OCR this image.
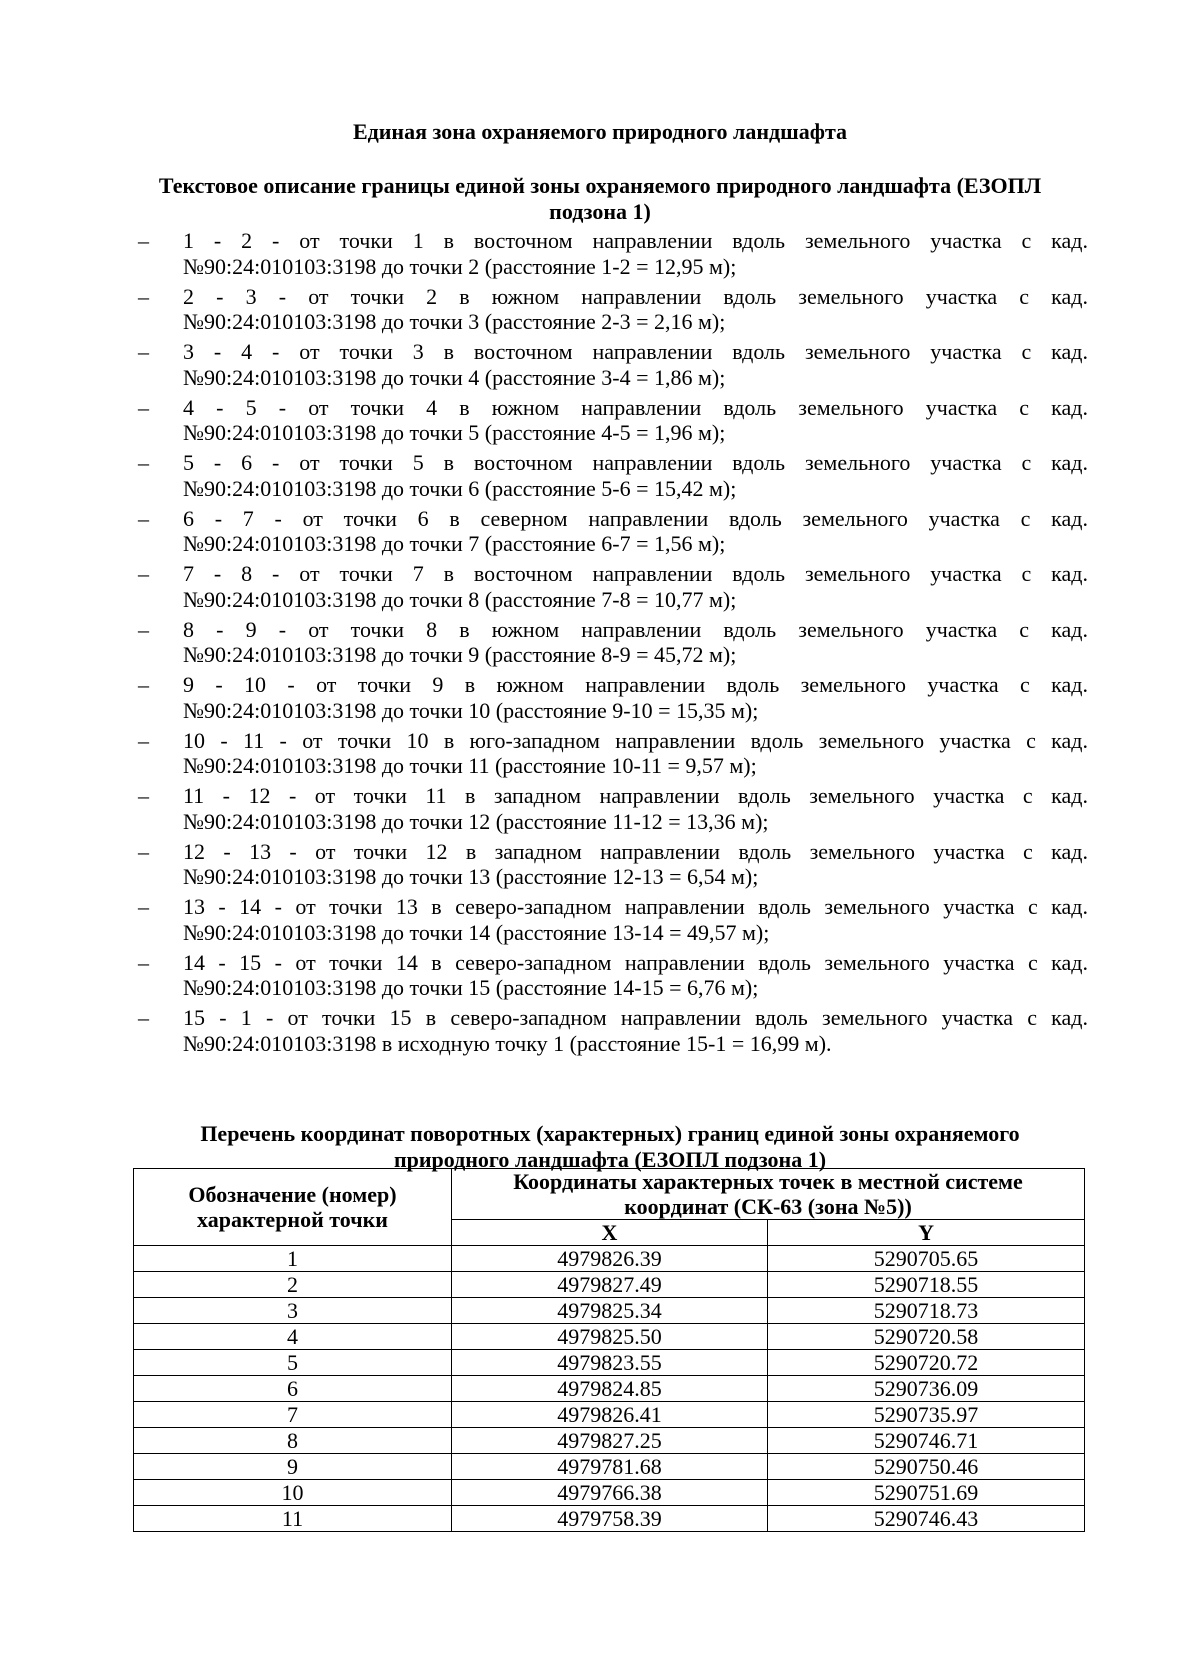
Единая зона охраняемого природного ландшафта
Текстовое описание границы единой зоны охраняемого природного ландшафта (ЕЗОПЛ подзона 1)
–	1 - 2 - от точки 1 в восточном направлении вдоль земельного участка с кад.
№90:24:010103:3198 до точки 2 (расстояние 1-2 = 12,95 м);
–	2 - 3 - от точки 2 в южном направлении вдоль земельного участка с кад.
№90:24:010103:3198 до точки 3 (расстояние 2-3 = 2,16 м);
–	3 - 4 - от точки 3 в восточном направлении вдоль земельного участка с кад.
№90:24:010103:3198 до точки 4 (расстояние 3-4 = 1,86 м);
–	4 - 5 - от точки 4 в южном направлении вдоль земельного участка с кад.
№90:24:010103:3198 до точки 5 (расстояние 4-5 = 1,96 м);
–	5 - 6 - от точки 5 в восточном направлении вдоль земельного участка с кад.
№90:24:010103:3198 до точки 6 (расстояние 5-6 = 15,42 м);
–	6 - 7 - от точки 6 в северном направлении вдоль земельного участка с кад.
№90:24:010103:3198 до точки 7 (расстояние 6-7 = 1,56 м);
–	7 - 8 - от точки 7 в восточном направлении вдоль земельного участка с кад.
№90:24:010103:3198 до точки 8 (расстояние 7-8 = 10,77 м);
–	8 - 9 - от точки 8 в южном направлении вдоль земельного участка с кад.
№90:24:010103:3198 до точки 9 (расстояние 8-9 = 45,72 м);
–	9 - 10 - от точки 9 в южном направлении вдоль земельного участка с кад.
№90:24:010103:3198 до точки 10 (расстояние 9-10 = 15,35 м);
–	10 - 11 - от точки 10 в юго-западном направлении вдоль земельного участка с кад.
№90:24:010103:3198 до точки 11 (расстояние 10-11 = 9,57 м);
–	11 - 12 - от точки 11 в западном направлении вдоль земельного участка с кад.
№90:24:010103:3198 до точки 12 (расстояние 11-12 = 13,36 м);
–	12 - 13 - от точки 12 в западном направлении вдоль земельного участка с кад.
№90:24:010103:3198 до точки 13 (расстояние 12-13 = 6,54 м);
–	13 - 14 - от точки 13 в северо-западном направлении вдоль земельного участка с кад.
№90:24:010103:3198 до точки 14 (расстояние 13-14 = 49,57 м);
–	14 - 15 - от точки 14 в северо-западном направлении вдоль земельного участка с кад.
№90:24:010103:3198 до точки 15 (расстояние 14-15 = 6,76 м);
–	15 - 1 - от точки 15 в северо-западном направлении вдоль земельного участка с кад.
№90:24:010103:3198 в исходную точку 1 (расстояние 15-1 = 16,99 м).
Перечень координат поворотных (характерных) границ единой зоны охраняемого природного ландшафта (ЕЗОПЛ подзона 1)
Обозначение (номер) характерной точки	Координаты характерных точек в местной системе координат (СК-63 (зона №5))	
	X	Y
1	4979826.39	5290705.65
2	4979827.49	5290718.55
3	4979825.34	5290718.73
4	4979825.50	5290720.58
5	4979823.55	5290720.72
6	4979824.85	5290736.09
7	4979826.41	5290735.97
8	4979827.25	5290746.71
9	4979781.68	5290750.46
10	4979766.38	5290751.69
11	4979758.39	5290746.43
